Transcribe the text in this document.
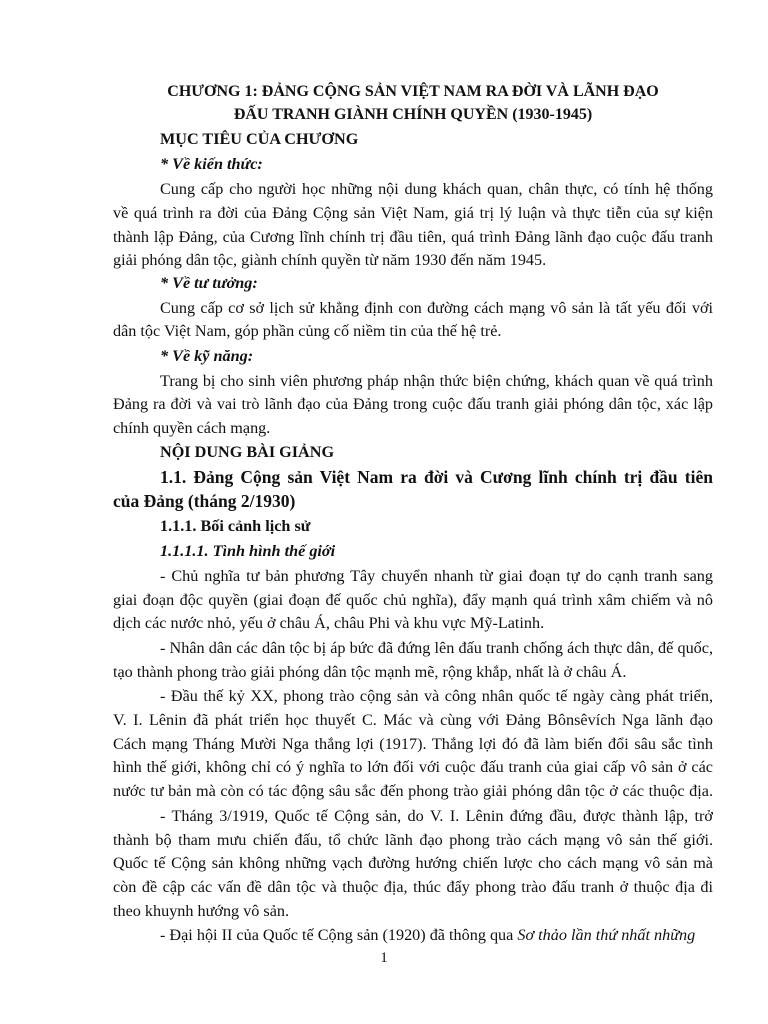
CHƯƠNG 1: ĐẢNG CỘNG SẢN VIỆT NAM RA ĐỜI VÀ LÃNH ĐẠO
ĐẤU TRANH GIÀNH CHÍNH QUYỀN (1930-1945)
MỤC TIÊU CỦA CHƯƠNG
* Về kiến thức:
Cung cấp cho người học những nội dung khách quan, chân thực, có tính hệ thống
về quá trình ra đời của Đảng Cộng sản Việt Nam, giá trị lý luận và thực tiễn của sự kiện
thành lập Đảng, của Cương lĩnh chính trị đầu tiên, quá trình Đảng lãnh đạo cuộc đấu tranh
giải phóng dân tộc, giành chính quyền từ năm 1930 đến năm 1945.
* Về tư tưởng:
Cung cấp cơ sở lịch sử khẳng định con đường cách mạng vô sản là tất yếu đối với
dân tộc Việt Nam, góp phần củng cố niềm tin của thế hệ trẻ.
* Về kỹ năng:
Trang bị cho sinh viên phương pháp nhận thức biện chứng, khách quan về quá trình
Đảng ra đời và vai trò lãnh đạo của Đảng trong cuộc đấu tranh giải phóng dân tộc, xác lập
chính quyền cách mạng.
NỘI DUNG BÀI GIẢNG
1.1. Đảng Cộng sản Việt Nam ra đời và Cương lĩnh chính trị đầu tiên
của Đảng (tháng 2/1930)
1.1.1. Bối cảnh lịch sử
1.1.1.1. Tình hình thế giới
- Chủ nghĩa tư bản phương Tây chuyển nhanh từ giai đoạn tự do cạnh tranh sang
giai đoạn độc quyền (giai đoạn đế quốc chủ nghĩa), đẩy mạnh quá trình xâm chiếm và nô
dịch các nước nhỏ, yếu ở châu Á, châu Phi và khu vực Mỹ-Latinh.
- Nhân dân các dân tộc bị áp bức đã đứng lên đấu tranh chống ách thực dân, đế quốc,
tạo thành phong trào giải phóng dân tộc mạnh mẽ, rộng khắp, nhất là ở châu Á.
- Đầu thế kỷ XX, phong trào cộng sản và công nhân quốc tế ngày càng phát triển,
V. I. Lênin đã phát triển học thuyết C. Mác và cùng với Đảng Bônsêvích Nga lãnh đạo
Cách mạng Tháng Mười Nga thắng lợi (1917). Thắng lợi đó đã làm biến đổi sâu sắc tình
hình thế giới, không chỉ có ý nghĩa to lớn đối với cuộc đấu tranh của giai cấp vô sản ở các
nước tư bản mà còn có tác động sâu sắc đến phong trào giải phóng dân tộc ở các thuộc địa.
- Tháng 3/1919, Quốc tế Cộng sản, do V. I. Lênin đứng đầu, được thành lập, trở
thành bộ tham mưu chiến đấu, tổ chức lãnh đạo phong trào cách mạng vô sản thế giới.
Quốc tế Cộng sản không những vạch đường hướng chiến lược cho cách mạng vô sản mà
còn đề cập các vấn đề dân tộc và thuộc địa, thúc đẩy phong trào đấu tranh ở thuộc địa đi
theo khuynh hướng vô sản.
- Đại hội II của Quốc tế Cộng sản (1920) đã thông qua Sơ thảo lần thứ nhất những
1
